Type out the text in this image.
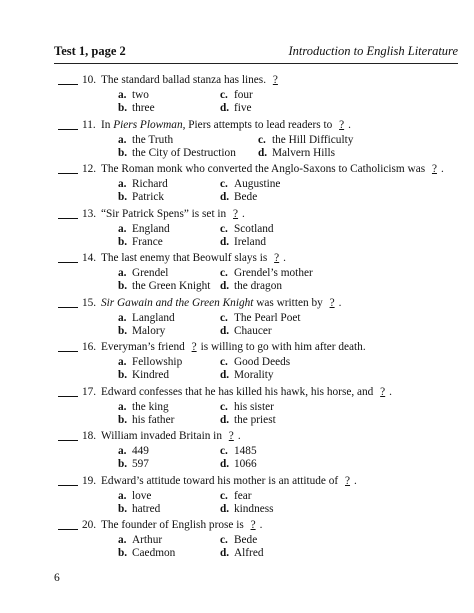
Test 1, page 2	Introduction to English Literature
10. The standard ballad stanza has lines. ?
a. two	c. four
b. three	d. five
11. In Piers Plowman, Piers attempts to lead readers to ? .
a. the Truth	c. the Hill Difficulty
b. the City of Destruction d. Malvern Hills
12. The Roman monk who converted the Anglo-Saxons to Catholicism was ? .
a. Richard	c. Augustine
b. Patrick	d. Bede
13. “Sir Patrick Spens” is set in ? .
a. England	c. Scotland
b. France	d. Ireland
14. The last enemy that Beowulf slays is ? .
a. Grendel	c. Grendel’s mother
b. the Green Knight d. the dragon
15. Sir Gawain and the Green Knight was written by ? .
a. Langland	c. The Pearl Poet
b. Malory	d. Chaucer
16. Everyman’s friend ? is willing to go with him after death.
a. Fellowship	c. Good Deeds
b. Kindred	d. Morality
17. Edward confesses that he has killed his hawk, his horse, and ? .
a. the king	c. his sister
b. his father	d. the priest
18. William invaded Britain in ? .
a. 449	c. 1485
b. 597	d. 1066
19. Edward’s attitude toward his mother is an attitude of ? .
a. love	c. fear
b. hatred	d. kindness
20. The founder of English prose is ? .
a. Arthur	c. Bede
b. Caedmon	d. Alfred
6
